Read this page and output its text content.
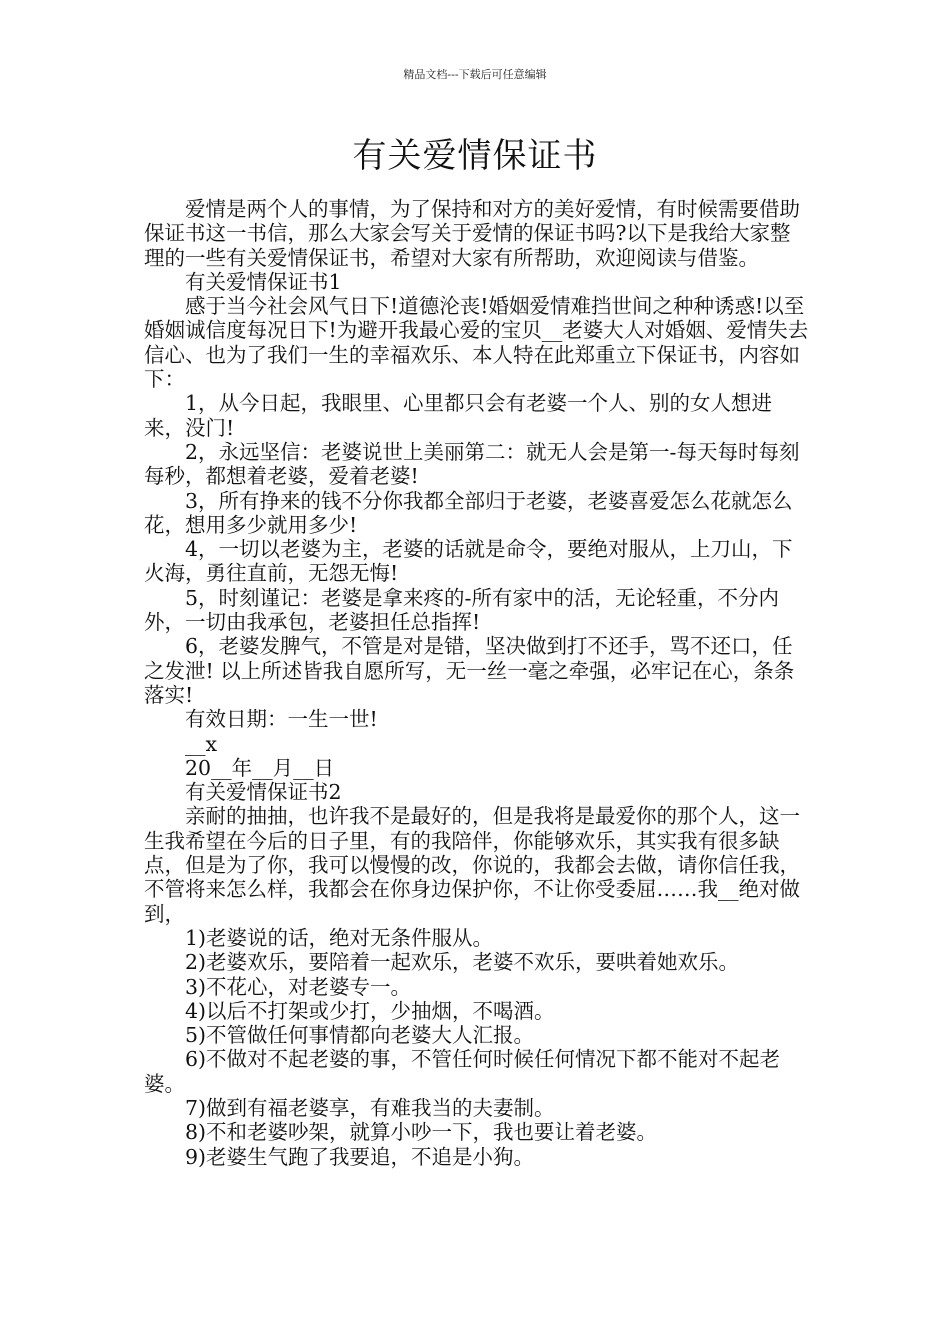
精品文档---下载后可任意编辑
有关爱情保证书

爱情是两个人的事情，为了保持和对方的美好爱情，有时候需要借助保证书这一书信，那么大家会写关于爱情的保证书吗?以下是我给大家整理的一些有关爱情保证书，希望对大家有所帮助，欢迎阅读与借鉴。

有关爱情保证书1

感于当今社会风气日下!道德沦丧!婚姻爱情难挡世间之种种诱惑!以至婚姻诚信度每况日下!为避开我最心爱的宝贝__老婆大人对婚姻、爱情失去信心、也为了我们一生的幸福欢乐、本人特在此郑重立下保证书，内容如下：

1，从今日起，我眼里、心里都只会有老婆一个人、别的女人想进来，没门!

2，永远坚信：老婆说世上美丽第二：就无人会是第一-每天每时每刻每秒，都想着老婆，爱着老婆!

3，所有挣来的钱不分你我都全部归于老婆，老婆喜爱怎么花就怎么花，想用多少就用多少!

4，一切以老婆为主，老婆的话就是命令，要绝对服从，上刀山，下火海，勇往直前，无怨无悔!

5，时刻谨记：老婆是拿来疼的-所有家中的活，无论轻重，不分内外，一切由我承包，老婆担任总指挥!

6，老婆发脾气，不管是对是错，坚决做到打不还手，骂不还口，任之发泄! 以上所述皆我自愿所写，无一丝一毫之牵强，必牢记在心，条条落实!

有效日期：一生一世!

__x

20__年__月__日

有关爱情保证书2

亲耐的抽抽，也许我不是最好的，但是我将是最爱你的那个人，这一生我希望在今后的日子里，有的我陪伴，你能够欢乐，其实我有很多缺点，但是为了你，我可以慢慢的改，你说的，我都会去做，请你信任我，不管将来怎么样，我都会在你身边保护你，不让你受委屈……我__绝对做到，

1)老婆说的话，绝对无条件服从。

2)老婆欢乐，要陪着一起欢乐，老婆不欢乐，要哄着她欢乐。

3)不花心，对老婆专一。

4)以后不打架或少打，少抽烟，不喝酒。

5)不管做任何事情都向老婆大人汇报。

6)不做对不起老婆的事，不管任何时候任何情况下都不能对不起老婆。

7)做到有福老婆享，有难我当的夫妻制。

8)不和老婆吵架，就算小吵一下，我也要让着老婆。

9)老婆生气跑了我要追，不追是小狗。
